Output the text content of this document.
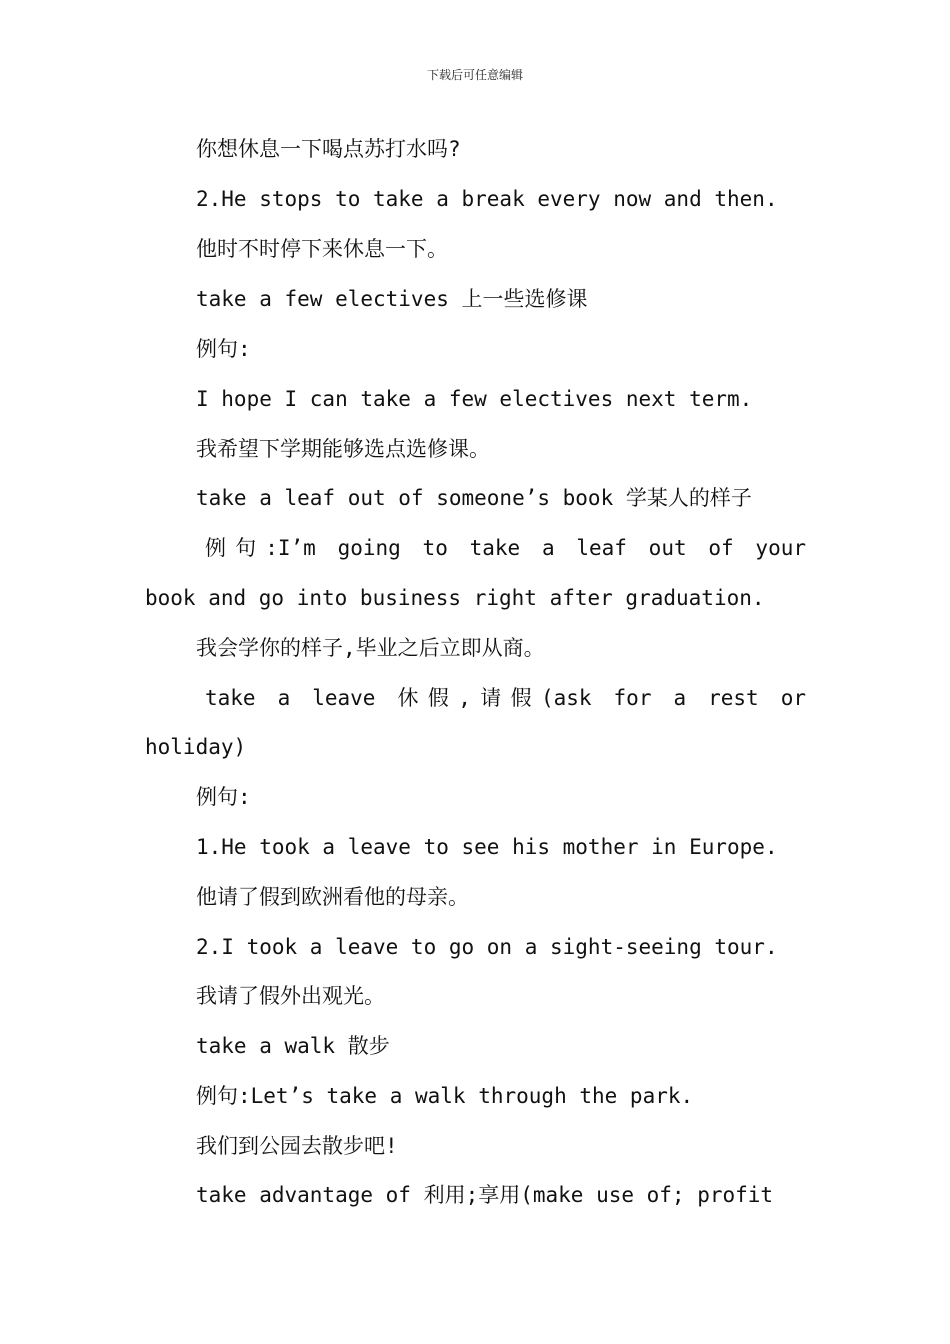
下载后可任意编辑
你想休息一下喝点苏打水吗?
2.He stops to take a break every now and then.
他时不时停下来休息一下。
take a few electives 上一些选修课
例句:
I hope I can take a few electives next term.
我希望下学期能够选点选修课。
take a leaf out of someone’s book 学某人的样子
例句:I’m going to take a leaf out of your
book and go into business right after graduation.
我会学你的样子,毕业之后立即从商。
take a leave 休假,请假(ask for a rest or
holiday)
例句:
1.He took a leave to see his mother in Europe.
他请了假到欧洲看他的母亲。
2.I took a leave to go on a sight-seeing tour.
我请了假外出观光。
take a walk 散步
例句:Let’s take a walk through the park.
我们到公园去散步吧!
take advantage of 利用;享用(make use of; profit
